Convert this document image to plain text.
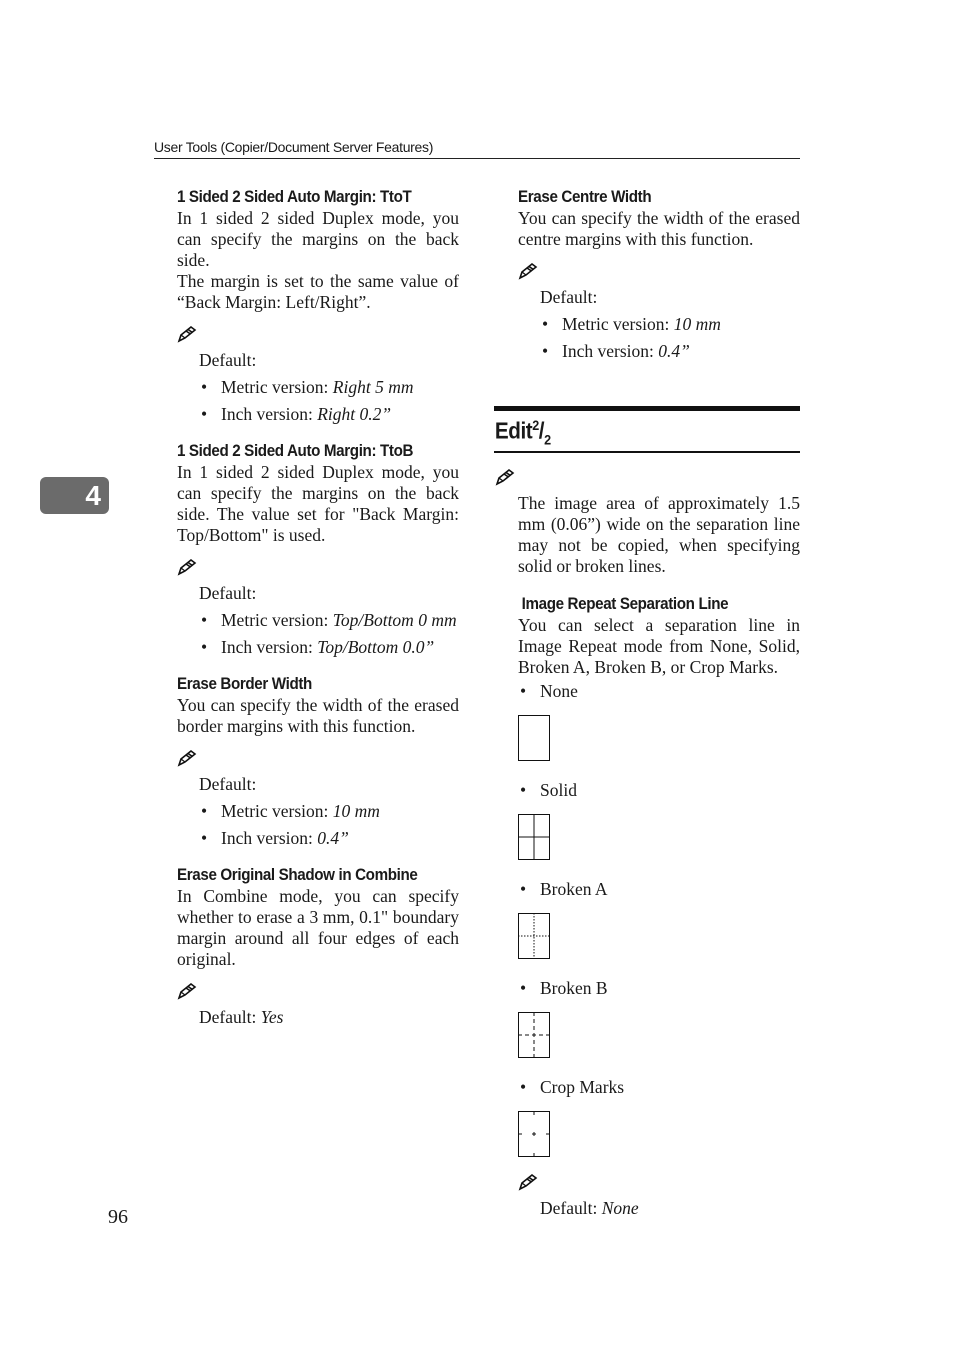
User Tools (Copier/Document Server Features)
4
96
1 Sided 2 Sided Auto Margin: TtoT

In 1 sided 2 sided Duplex mode, you can specify the margins on the back side.

The margin is set to the same value of “Back Margin: Left/Right”.

Default:
• Metric version: Right 5 mm
• Inch version: Right 0.2”
1 Sided 2 Sided Auto Margin: TtoB

In 1 sided 2 sided Duplex mode, you can specify the margins on the back side. The value set for "Back Margin: Top/Bottom" is used.

Default:
• Metric version: Top/Bottom 0 mm
• Inch version: Top/Bottom 0.0”
Erase Border Width

You can specify the width of the erased border margins with this function.

Default:
• Metric version: 10 mm
• Inch version: 0.4”
Erase Original Shadow in Combine

In Combine mode, you can specify whether to erase a 3 mm, 0.1" boundary margin around all four edges of each original.

Default: Yes
Erase Centre Width

You can specify the width of the erased centre margins with this function.

Default:
• Metric version: 10 mm
• Inch version: 0.4”
$Edit^2/_2$

The image area of approximately 1.5 mm (0.06”) wide on the separation line may not be copied, when specifying solid or broken lines.

Image Repeat Separation Line

You can select a separation line in Image Repeat mode from None, Solid, Broken A, Broken B, or Crop Marks.

• None
• Solid
• Broken A
• Broken B
• Crop Marks
Default: None
